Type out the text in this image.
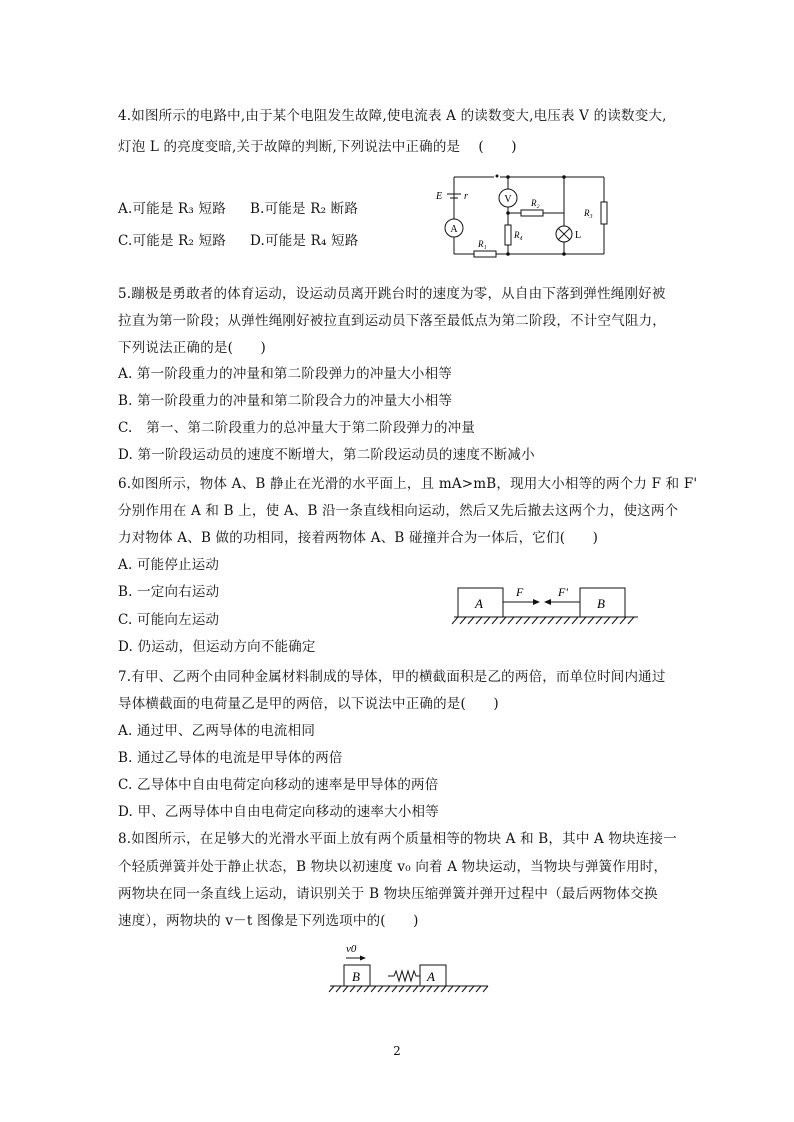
4.如图所示的电路中,由于某个电阻发生故障,使电流表 A 的读数变大,电压表 V 的读数变大,
灯泡 L 的亮度变暗,关于故障的判断,下列说法中正确的是　 (　　)
A.可能是 R₃ 短路 B.可能是 R₂ 断路
C.可能是 R₂ 短路 D.可能是 R₄ 短路
E r
A
V R₂
R₄	L
R₃
R₁
5.蹦极是勇敢者的体育运动，设运动员离开跳台时的速度为零，从自由下落到弹性绳刚好被
拉直为第一阶段；从弹性绳刚好被拉直到运动员下落至最低点为第二阶段，不计空气阻力，
下列说法正确的是(　　)
A. 第一阶段重力的冲量和第二阶段弹力的冲量大小相等
B. 第一阶段重力的冲量和第二阶段合力的冲量大小相等
C.　第一、第二阶段重力的总冲量大于第二阶段弹力的冲量
D. 第一阶段运动员的速度不断增大，第二阶段运动员的速度不断减小
6.如图所示，物体 A、B 静止在光滑的水平面上，且 mA>mB，现用大小相等的两个力 F 和 F'
分别作用在 A 和 B 上，使 A、B 沿一条直线相向运动，然后又先后撤去这两个力，使这两个
力对物体 A、B 做的功相同，接着两物体 A、B 碰撞并合为一体后，它们(　　)
A. 可能停止运动
B. 一定向右运动
C. 可能向左运动
D. 仍运动，但运动方向不能确定
A	B
F	F'
7.有甲、乙两个由同种金属材料制成的导体，甲的横截面积是乙的两倍，而单位时间内通过
导体横截面的电荷量乙是甲的两倍，以下说法中正确的是(　　)
A. 通过甲、乙两导体的电流相同
B. 通过乙导体的电流是甲导体的两倍
C. 乙导体中自由电荷定向移动的速率是甲导体的两倍
D. 甲、乙两导体中自由电荷定向移动的速率大小相等
8.如图所示，在足够大的光滑水平面上放有两个质量相等的物块 A 和 B，其中 A 物块连接一
个轻质弹簧并处于静止状态，B 物块以初速度 v₀ 向着 A 物块运动，当物块与弹簧作用时，
两物块在同一条直线上运动，请识别关于 B 物块压缩弹簧并弹开过程中（最后两物体交换
速度），两物块的 v－t 图像是下列选项中的(　　)
B	A
v0
2
